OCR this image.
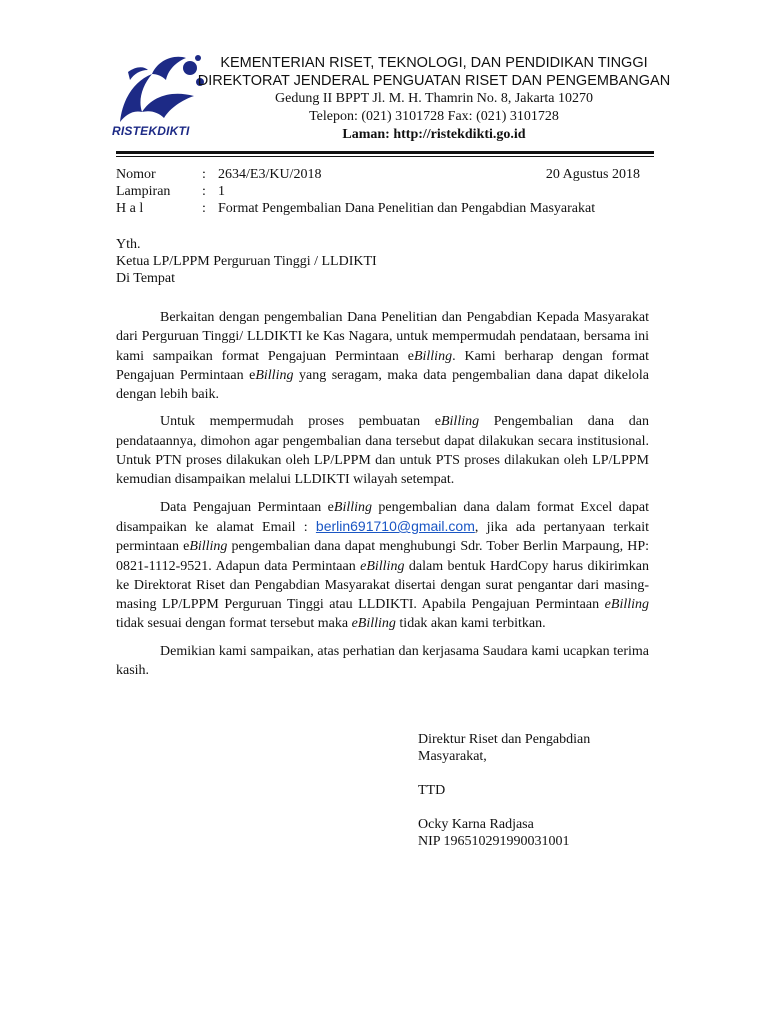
RISTEKDIKTI
KEMENTERIAN RISET, TEKNOLOGI, DAN PENDIDIKAN TINGGI
DIREKTORAT JENDERAL PENGUATAN RISET DAN PENGEMBANGAN
Gedung II BPPT Jl. M. H. Thamrin No. 8, Jakarta 10270
Telepon: (021) 3101728 Fax: (021) 3101728
Laman: http://ristekdikti.go.id
Nomor	: 2634/E3/KU/2018	20 Agustus 2018
Lampiran : 1
H a l	: Format Pengembalian Dana Penelitian dan Pengabdian Masyarakat
Yth.
Ketua LP/LPPM Perguruan Tinggi / LLDIKTI
Di Tempat

Berkaitan dengan pengembalian Dana Penelitian dan Pengabdian Kepada Masyarakat dari Perguruan Tinggi/ LLDIKTI ke Kas Nagara, untuk mempermudah pendataan, bersama ini kami sampaikan format Pengajuan Permintaan eBilling. Kami berharap dengan format Pengajuan Permintaan eBilling yang seragam, maka data pengembalian dana dapat dikelola dengan lebih baik.

Untuk mempermudah proses pembuatan eBilling Pengembalian dana dan pendataannya, dimohon agar pengembalian dana tersebut dapat dilakukan secara institusional. Untuk PTN proses dilakukan oleh LP/LPPM dan untuk PTS proses dilakukan oleh LP/LPPM kemudian disampaikan melalui LLDIKTI wilayah setempat.

Data Pengajuan Permintaan eBilling pengembalian dana dalam format Excel dapat disampaikan ke alamat Email : berlin691710@gmail.com, jika ada pertanyaan terkait permintaan eBilling pengembalian dana dapat menghubungi Sdr. Tober Berlin Marpaung, HP: 0821-1112-9521. Adapun data Permintaan eBilling dalam bentuk HardCopy harus dikirimkan ke Direktorat Riset dan Pengabdian Masyarakat disertai dengan surat pengantar dari masing-masing LP/LPPM Perguruan Tinggi atau LLDIKTI. Apabila Pengajuan Permintaan eBilling tidak sesuai dengan format tersebut maka eBilling tidak akan kami terbitkan.

Demikian kami sampaikan, atas perhatian dan kerjasama Saudara kami ucapkan terima kasih.

Direktur Riset dan Pengabdian
Masyarakat,
TTD
Ocky Karna Radjasa
NIP 196510291990031001
